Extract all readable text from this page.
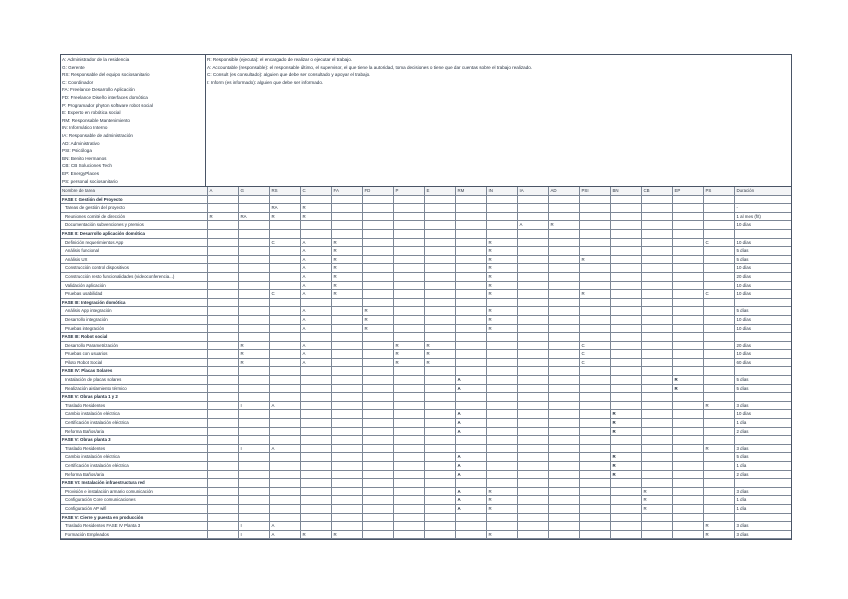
A: Administrador de la residencia
G: Gerente
RS: Responsable del equipo sociosanitario
C: Coordinador
FA: Freelance Desarrollo Aplicación
FD: Freelance Diseño interfaces domótica
P: Programador phyton software robot social
E: Experto en robótica social
RM: Responsable Mantenimiento
IN: Informático Interno
IA: Responsable de administración
AD: Administrativo
PSI: Psicóloga
BN: Benito Hermanos
CB: CB Soluciones Tech
EP: EnergyPlaces
PS: personal sociosanitario
R: Responsible (ejecuta): el encargado de realizar o ejecutar el trabajo.
A: Accountable (responsable): el responsable último, el supervisor, el que tiene la autoridad, toma decisiones o tiene que dar cuentas sobre el trabajo realizado.
C: Consult (es consultado): alguien que debe ser consultado y apoyar el trabajo.
I: Inform (es informado): alguien que debe ser informado.
Nombre de tarea	A	G	RS	C	FA	FD	P	E	RM	IN	IA	AD	PSI	BN	CB	EP	PS	Duración
FASE I: Gestión del Proyecto																		
Tareas de gestión del proyecto			RA	R														-
Reuniones comité de dirección	R	RA	R	R														1 al mes (f/t)
Documentación subvenciones y premios											A	R						10 días
FASE II: Desarrollo aplicación domótica																		
Definición requerimientos App			C	A	R					R							C	10 días
Análisis funcional				A	R					R								5 días
Análisis UX				A	R					R			R					5 días
Construcción control dispositivos				A	R					R								10 días
Construcción resto funcionalidades (videoconferencia...)				A	R					R								20 días
Validación aplicación				A	R					R								10 días
Pruebas usabilidad			C	A	R					R			R				C	10 días
FASE III: Integración domótica																		
Análisis App integración				A		R				R								5 días
Desarrollo integración				A		R				R								10 días
Pruebas integración				A		R				R								10 días
FASE III: Robot social																		
Desarrollo Parametrización		R		A			R	R					C					20 días
Pruebas con usuarios		R		A			R	R					C					10 días
Piloto Robot Social		R		A			R	R					C					60 días
FASE IV: Placas Solares																		
Instalación de placas solares									A							R		5 días
Realización aislamiento térmico									A							R		5 días
FASE V: Obras planta 1 y 2																		
Traslado Residentes		I	A														R	3 días
Cambio instalación eléctrica									A					R				10 días
Certificación instalación eléctrica									A					R				1 día
Reforma Baños/aria									A					R				2 días
FASE V: Obras planta 3																		
Traslado Residentes		I	A														R	3 días
Cambio instalación eléctrica									A					R				5 días
Certificación instalación eléctrica									A					R				1 día
Reforma Baños/aria									A					R				2 días
FASE VI: Instalación infraestructura red																		
Provisión e instalación armario comunicación									A	R					R			3 días
Configuración Core comunicaciones									A	R					R			1 día
Configuración AP wifi									A	R					R			1 día
FASE V: Cierre y puesta en producción																		
Traslado Residentes FASE IV Planta 3		I	A														R	3 días
Formación Empleados		I	A	R	R					R							R	3 días
